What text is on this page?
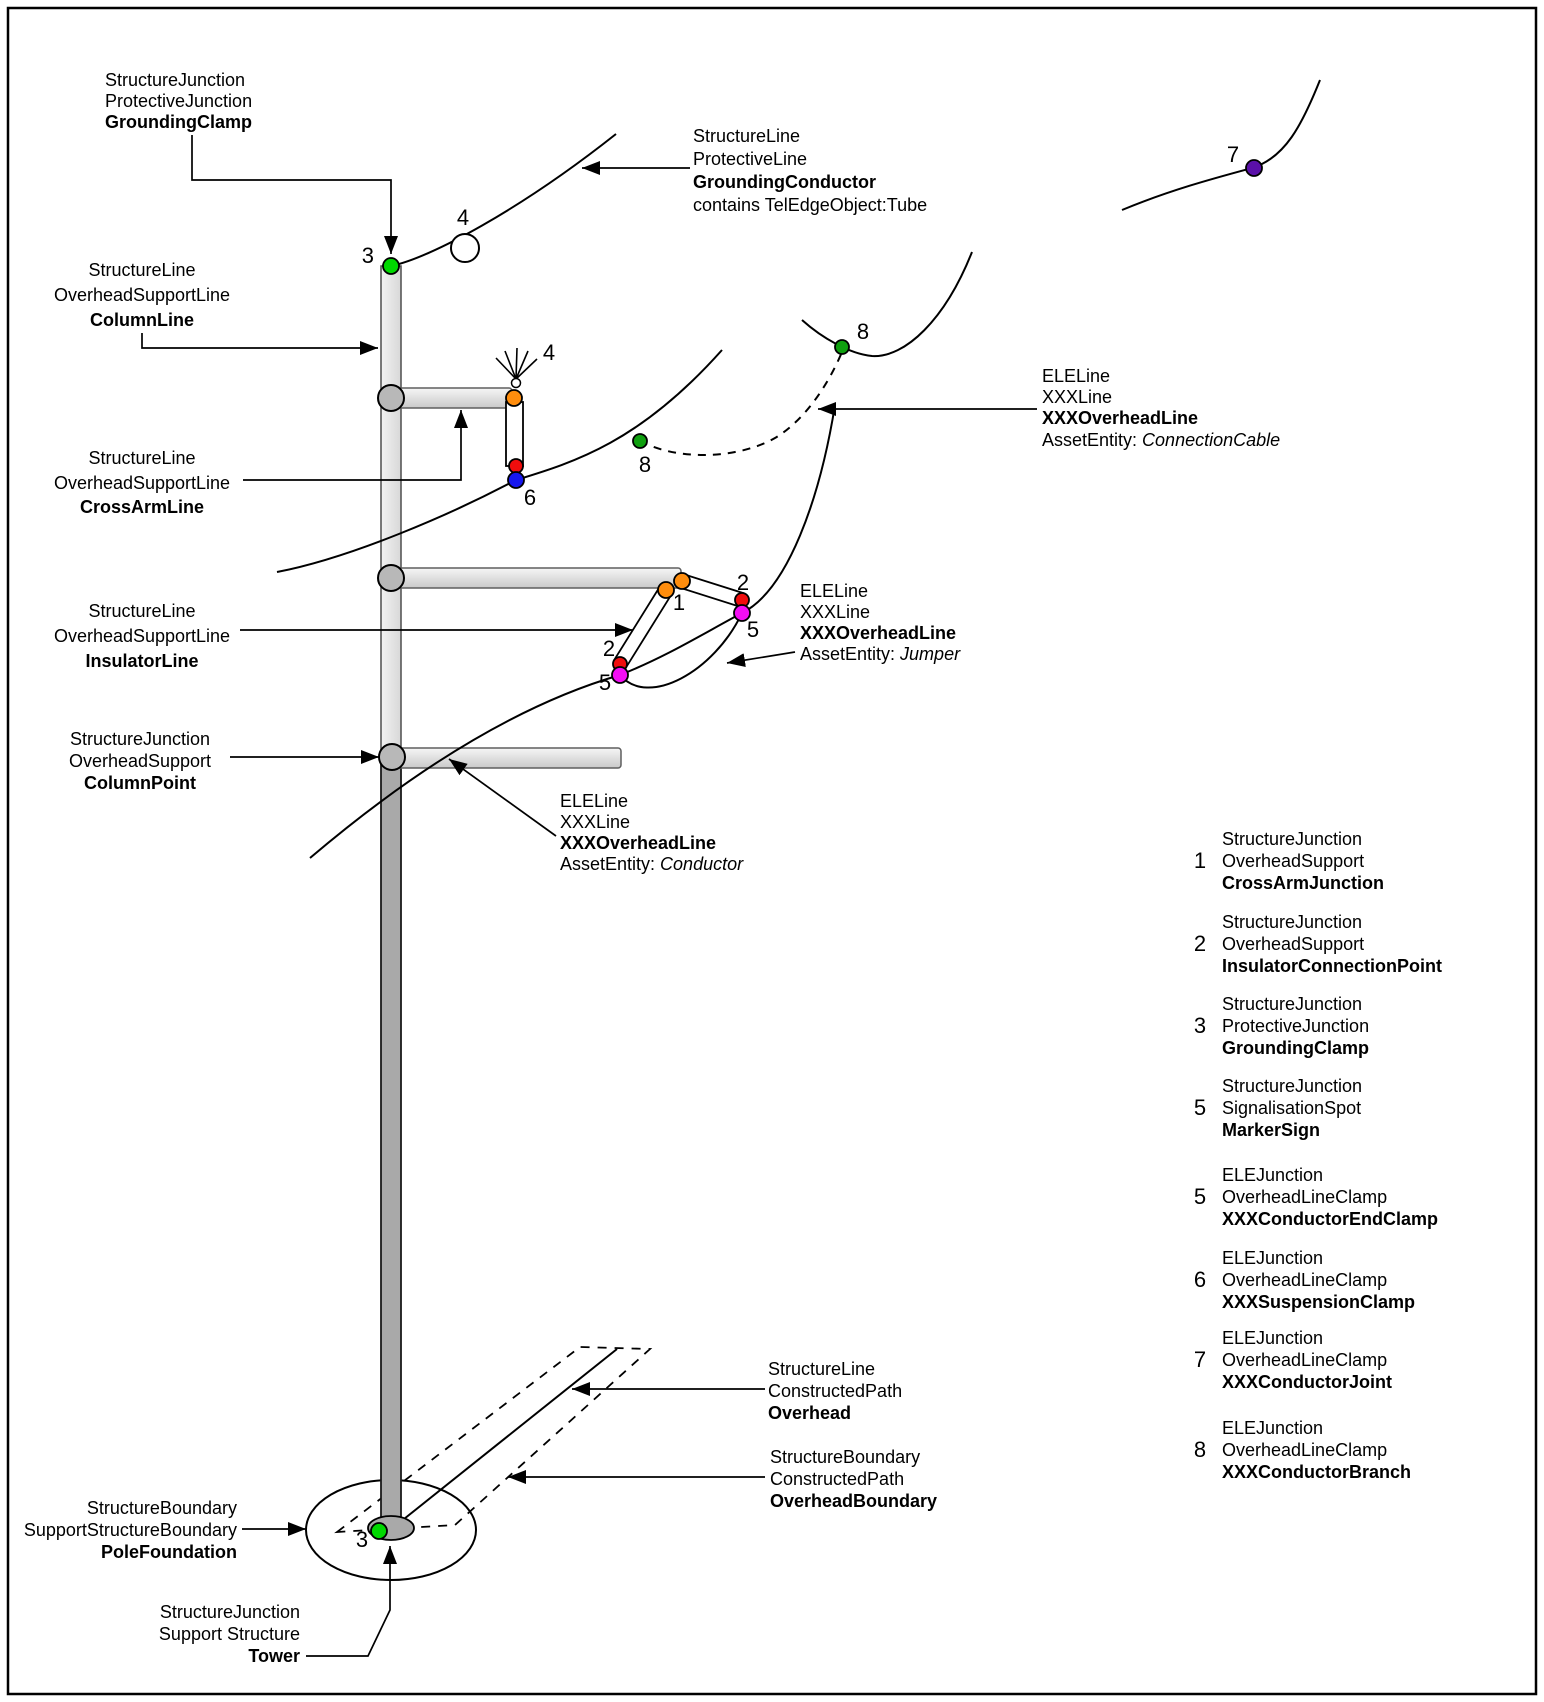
3
4
4
6
8
8
7
1
2
5
2
5
3
StructureJunction
ProtectiveJunction
GroundingClamp
StructureLine
OverheadSupportLine
ColumnLine
StructureLine
OverheadSupportLine
CrossArmLine
StructureLine
OverheadSupportLine
InsulatorLine
StructureJunction
OverheadSupport
ColumnPoint
StructureLine
ProtectiveLine
GroundingConductor
contains TelEdgeObject:Tube
ELELine
XXXLine
XXXOverheadLine
AssetEntity: ConnectionCable
ELELine
XXXLine
XXXOverheadLine
AssetEntity: Jumper
ELELine
XXXLine
XXXOverheadLine
AssetEntity: Conductor
StructureLine
ConstructedPath
Overhead
StructureBoundary
ConstructedPath
OverheadBoundary
StructureBoundary
SupportStructureBoundary
PoleFoundation
StructureJunction
Support Structure
Tower
1
StructureJunction
OverheadSupport
CrossArmJunction
2
StructureJunction
OverheadSupport
InsulatorConnectionPoint
3
StructureJunction
ProtectiveJunction
GroundingClamp
5
StructureJunction
SignalisationSpot
MarkerSign
5
ELEJunction
OverheadLineClamp
XXXConductorEndClamp
6
ELEJunction
OverheadLineClamp
XXXSuspensionClamp
7
ELEJunction
OverheadLineClamp
XXXConductorJoint
8
ELEJunction
OverheadLineClamp
XXXConductorBranch
